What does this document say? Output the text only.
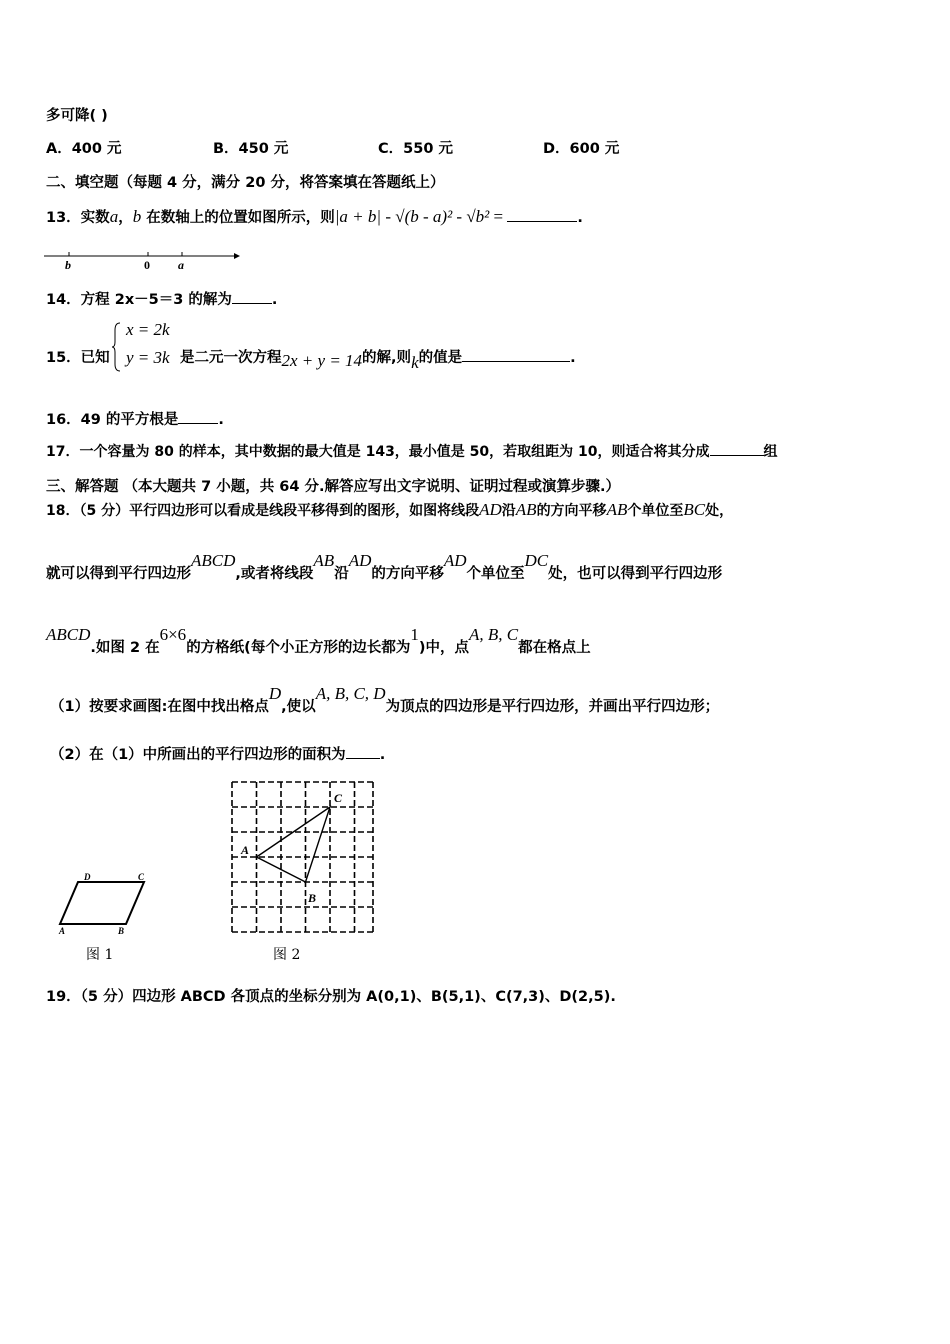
多可降( )
A．400 元	B．450 元	C．550 元	D．600 元
二、填空题（每题 4 分，满分 20 分，将答案填在答题纸上）
13．实数a，b 在数轴上的位置如图所示，则|a + b| - √(b - a)² - √b² =	.
b	0 a
14．方程 2x－5＝3 的解为	.
15．已知
x = 2k
y = 3k 是二元一次方程2x + y = 14的解,则k的值是	.
16．49 的平方根是	.
17．一个容量为 80 的样本，其中数据的最大值是 143，最小值是 50，若取组距为 10，则适合将其分成	组
三、解答题 （本大题共 7 小题，共 64 分.解答应写出文字说明、证明过程或演算步骤.）
18．（5 分）平行四边形可以看成是线段平移得到的图形，如图将线段AD沿AB的方向平移AB个单位至BC处，
就可以得到平行四边形ABCD,或者将线段AB沿AD的方向平移AD个单位至DC处，也可以得到平行四边形
ABCD.如图 2 在6×6的方格纸(每个小正方形的边长都为1)中，点A, B, C都在格点上
（1）按要求画图:在图中找出格点D,使以A, B, C, D为顶点的四边形是平行四边形，并画出平行四边形；
（2）在（1）中所画出的平行四边形的面积为 .
D	C
A	B
图 1
A
B
C
图 2
19．（5 分）四边形 ABCD 各顶点的坐标分别为 A(0,1)、B(5,1)、C(7,3)、D(2,5).
